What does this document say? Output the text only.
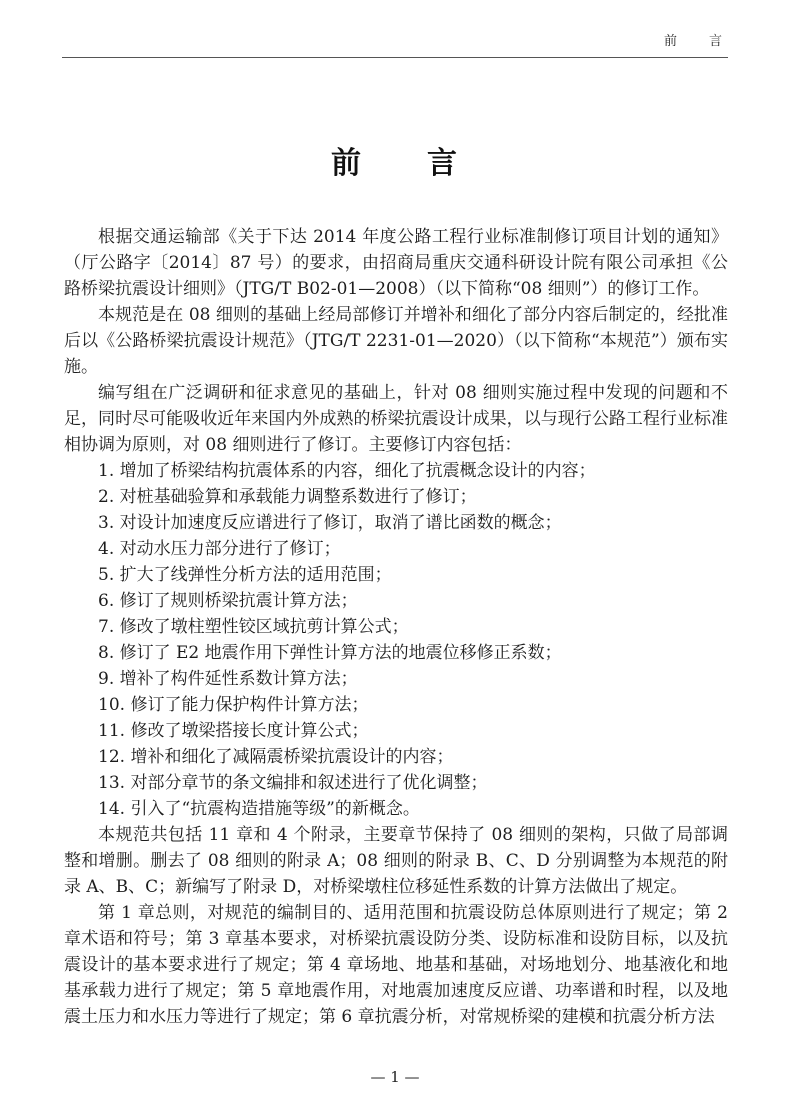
前　　言
前　　言

根据交通运输部《关于下达 2014 年度公路工程行业标准制修订项目计划的通知》（厅公路字〔2014〕87 号）的要求，由招商局重庆交通科研设计院有限公司承担《公路桥梁抗震设计细则》（JTG/T B02-01—2008）（以下简称“08 细则”）的修订工作。

本规范是在 08 细则的基础上经局部修订并增补和细化了部分内容后制定的，经批准后以《公路桥梁抗震设计规范》（JTG/T 2231-01—2020）（以下简称“本规范”）颁布实施。

编写组在广泛调研和征求意见的基础上，针对 08 细则实施过程中发现的问题和不足，同时尽可能吸收近年来国内外成熟的桥梁抗震设计成果，以与现行公路工程行业标准相协调为原则，对 08 细则进行了修订。主要修订内容包括：

1. 增加了桥梁结构抗震体系的内容，细化了抗震概念设计的内容；
2. 对桩基础验算和承载能力调整系数进行了修订；
3. 对设计加速度反应谱进行了修订，取消了谱比函数的概念；
4. 对动水压力部分进行了修订；
5. 扩大了线弹性分析方法的适用范围；
6. 修订了规则桥梁抗震计算方法；
7. 修改了墩柱塑性铰区域抗剪计算公式；
8. 修订了 E2 地震作用下弹性计算方法的地震位移修正系数；
9. 增补了构件延性系数计算方法；
10. 修订了能力保护构件计算方法；
11. 修改了墩梁搭接长度计算公式；
12. 增补和细化了减隔震桥梁抗震设计的内容；
13. 对部分章节的条文编排和叙述进行了优化调整；
14. 引入了“抗震构造措施等级”的新概念。

本规范共包括 11 章和 4 个附录，主要章节保持了 08 细则的架构，只做了局部调整和增删。删去了 08 细则的附录 A；08 细则的附录 B、C、D 分别调整为本规范的附录 A、B、C；新编写了附录 D，对桥梁墩柱位移延性系数的计算方法做出了规定。

第 1 章总则，对规范的编制目的、适用范围和抗震设防总体原则进行了规定；第 2 章术语和符号；第 3 章基本要求，对桥梁抗震设防分类、设防标准和设防目标，以及抗震设计的基本要求进行了规定；第 4 章场地、地基和基础，对场地划分、地基液化和地基承载力进行了规定；第 5 章地震作用，对地震加速度反应谱、功率谱和时程，以及地震土压力和水压力等进行了规定；第 6 章抗震分析，对常规桥梁的建模和抗震分析方法

— 1 —
